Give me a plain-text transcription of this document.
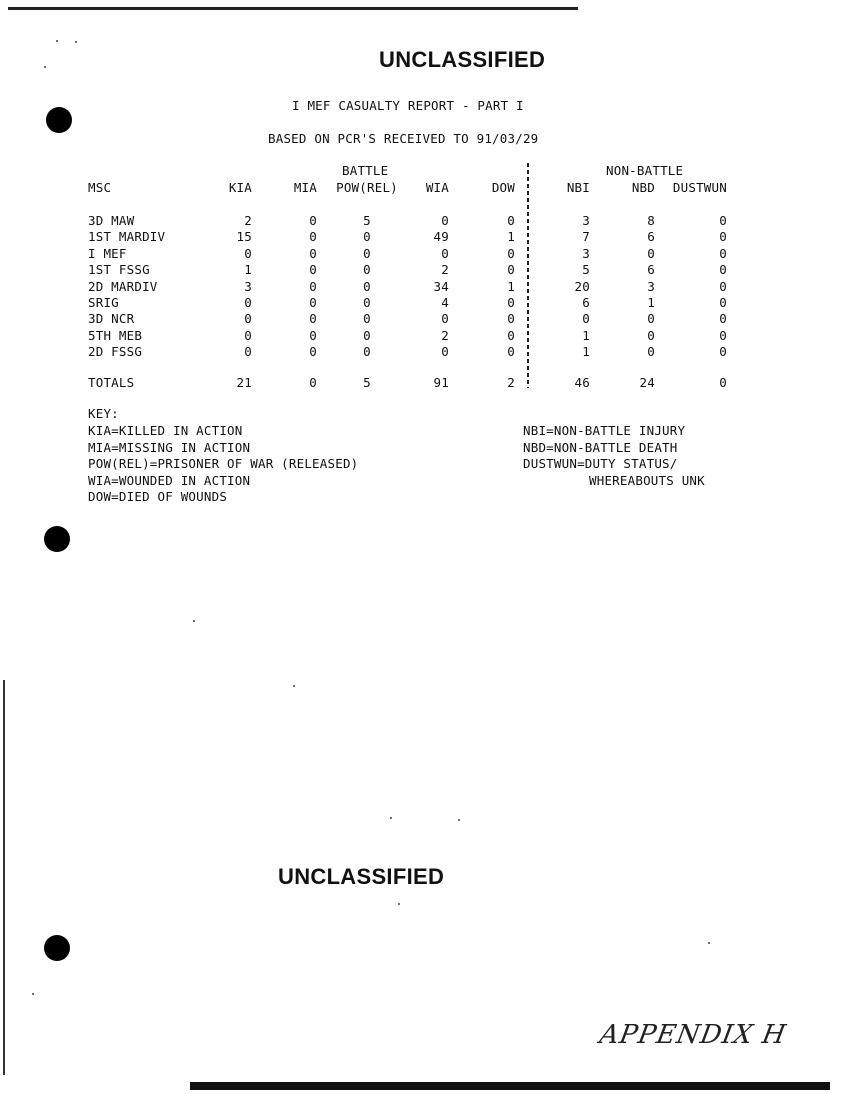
UNCLASSIFIED
I MEF CASUALTY REPORT - PART I
BASED ON PCR'S RECEIVED TO 91/03/29
BATTLE	NON-BATTLE
MSC	KIA	MIA	POW(REL)	WIA	DOW	NBI	NBD	DUSTWUN
3D MAW	2	0	5	0	0	3	8	0
1ST MARDIV	15	0	0	49	1	7	6	0
I MEF	0	0	0	0	0	3	0	0
1ST FSSG	1	0	0	2	0	5	6	0
2D MARDIV	3	0	0	34	1	20	3	0
SRIG	0	0	0	4	0	6	1	0
3D NCR	0	0	0	0	0	0	0	0
5TH MEB	0	0	0	2	0	1	0	0
2D FSSG	0	0	0	0	0	1	0	0
TOTALS	21	0	5	91	2	46	24	0
KEY:
KIA=KILLED IN ACTION
MIA=MISSING IN ACTION
POW(REL)=PRISONER OF WAR (RELEASED)
WIA=WOUNDED IN ACTION
DOW=DIED OF WOUNDS
NBI=NON-BATTLE INJURY
NBD=NON-BATTLE DEATH
DUSTWUN=DUTY STATUS/
WHEREABOUTS UNK
UNCLASSIFIED
APPENDIX H
